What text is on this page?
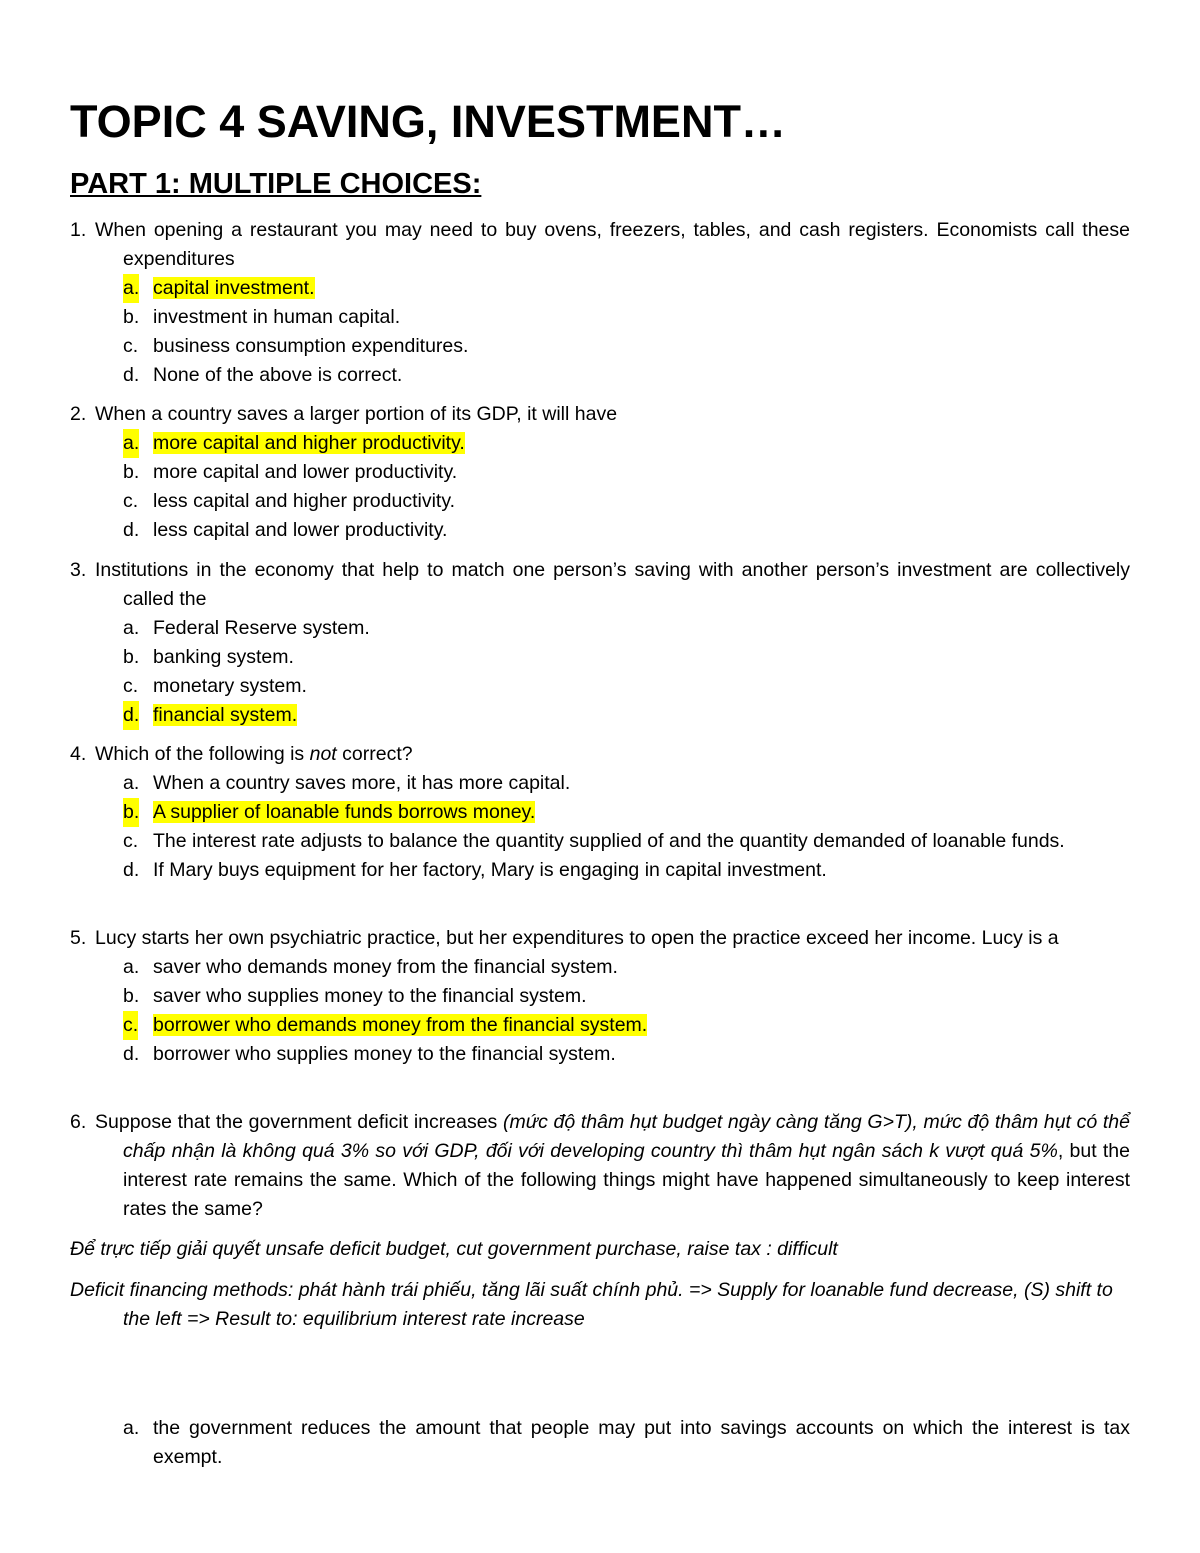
TOPIC 4 SAVING, INVESTMENT…
PART 1: MULTIPLE CHOICES:
1. When opening a restaurant you may need to buy ovens, freezers, tables, and cash registers. Economists call these expenditures
a. capital investment.
b. investment in human capital.
c. business consumption expenditures.
d. None of the above is correct.
2. When a country saves a larger portion of its GDP, it will have
a. more capital and higher productivity.
b. more capital and lower productivity.
c. less capital and higher productivity.
d. less capital and lower productivity.
3. Institutions in the economy that help to match one person’s saving with another person’s investment are collectively called the
a. Federal Reserve system.
b. banking system.
c. monetary system.
d. financial system.
4. Which of the following is not correct?
a. When a country saves more, it has more capital.
b. A supplier of loanable funds borrows money.
c. The interest rate adjusts to balance the quantity supplied of and the quantity demanded of loanable funds.
d. If Mary buys equipment for her factory, Mary is engaging in capital investment.
5. Lucy starts her own psychiatric practice, but her expenditures to open the practice exceed her income. Lucy is a
a. saver who demands money from the financial system.
b. saver who supplies money to the financial system.
c. borrower who demands money from the financial system.
d. borrower who supplies money to the financial system.
6. Suppose that the government deficit increases (mức độ thâm hụt budget ngày càng tăng G>T), mức độ thâm hụt có thể chấp nhận là không quá 3% so với GDP, đối với developing country thì thâm hụt ngân sách k vượt quá 5%, but the interest rate remains the same. Which of the following things might have happened simultaneously to keep interest rates the same?
Để trực tiếp giải quyết unsafe deficit budget, cut government purchase, raise tax : difficult
Deficit financing methods: phát hành trái phiếu, tăng lãi suất chính phủ. => Supply for loanable fund decrease, (S) shift to the left => Result to: equilibrium interest rate increase
a. the government reduces the amount that people may put into savings accounts on which the interest is tax exempt.
